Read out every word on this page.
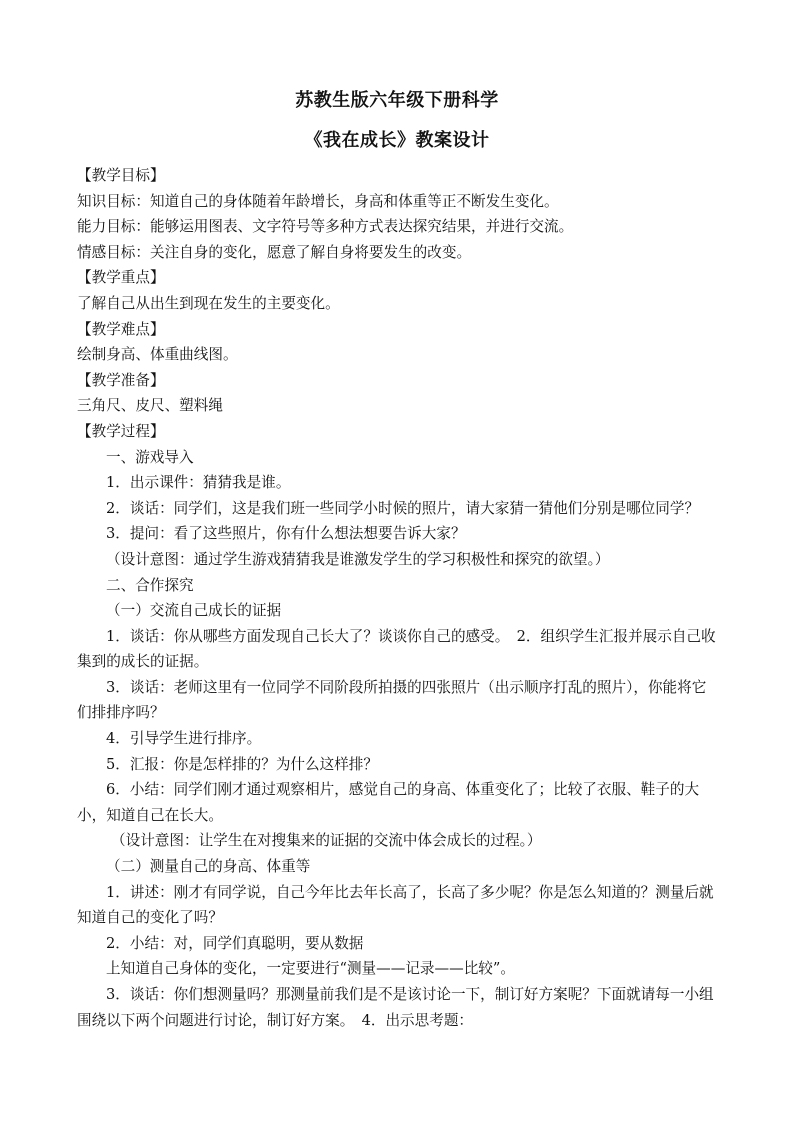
苏教生版六年级下册科学
《我在成长》教案设计
【教学目标】
知识目标：知道自己的身体随着年龄增长，身高和体重等正不断发生变化。
能力目标：能够运用图表、文字符号等多种方式表达探究结果，并进行交流。
情感目标：关注自身的变化，愿意了解自身将要发生的改变。
【教学重点】
了解自己从出生到现在发生的主要变化。
【教学难点】
绘制身高、体重曲线图。
【教学准备】
三角尺、皮尺、塑料绳
【教学过程】
一、游戏导入
1．出示课件：猜猜我是谁。
2．谈话：同学们，这是我们班一些同学小时候的照片，请大家猜一猜他们分别是哪位同学？
3．提问：看了这些照片，你有什么想法想要告诉大家？
（设计意图：通过学生游戏猜猜我是谁激发学生的学习积极性和探究的欲望。）
二、合作探究
（一）交流自己成长的证据
1．谈话：你从哪些方面发现自己长大了？谈谈你自己的感受。　2．组织学生汇报并展示自己收集到的成长的证据。
3．谈话：老师这里有一位同学不同阶段所拍摄的四张照片（出示顺序打乱的照片），你能将它们排排序吗？
4．引导学生进行排序。
5．汇报：你是怎样排的？为什么这样排？
6．小结：同学们刚才通过观察相片，感觉自己的身高、体重变化了；比较了衣服、鞋子的大小，知道自己在长大。
（设计意图：让学生在对搜集来的证据的交流中体会成长的过程。）
（二）测量自己的身高、体重等
1．讲述：刚才有同学说，自己今年比去年长高了，长高了多少呢？你是怎么知道的？测量后就知道自己的变化了吗？
2．小结：对，同学们真聪明，要从数据
上知道自己身体的变化，一定要进行“测量——记录——比较”。
3．谈话：你们想测量吗？那测量前我们是不是该讨论一下，制订好方案呢？下面就请每一小组围绕以下两个问题进行讨论，制订好方案。　4．出示思考题：
